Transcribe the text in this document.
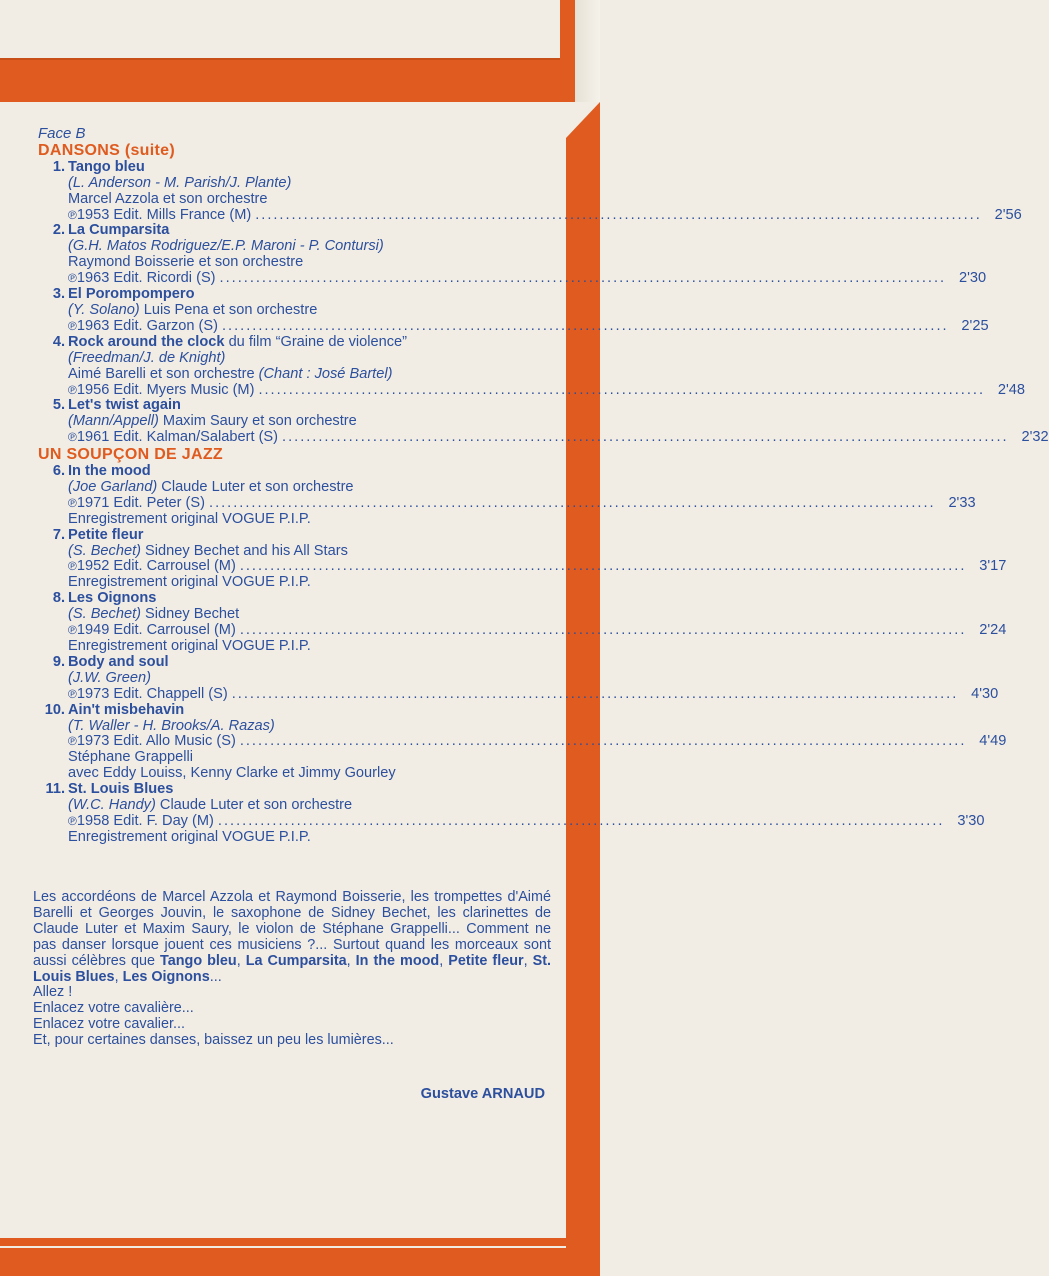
Face B
DANSONS (suite)
1. Tango bleu
(L. Anderson - M. Parish/J. Plante)
Marcel Azzola et son orchestre
℗1953 Edit. Mills France (M) ........................................................................................................................ 2'56
2. La Cumparsita
(G.H. Matos Rodriguez/E.P. Maroni - P. Contursi)
Raymond Boisserie et son orchestre
℗1963 Edit. Ricordi (S) ........................................................................................................................ 2'30
3. El Porompompero
(Y. Solano) Luis Pena et son orchestre
℗1963 Edit. Garzon (S) ........................................................................................................................ 2'25
4. Rock around the clock du film “Graine de violence”
(Freedman/J. de Knight)
Aimé Barelli et son orchestre (Chant : José Bartel)
℗1956 Edit. Myers Music (M) ........................................................................................................................ 2'48
5. Let's twist again
(Mann/Appell) Maxim Saury et son orchestre
℗1961 Edit. Kalman/Salabert (S) ........................................................................................................................ 2'32
UN SOUPÇON DE JAZZ
6. In the mood
(Joe Garland) Claude Luter et son orchestre
℗1971 Edit. Peter (S) ........................................................................................................................ 2'33
Enregistrement original VOGUE P.I.P.
7. Petite fleur
(S. Bechet) Sidney Bechet and his All Stars
℗1952 Edit. Carrousel (M) ........................................................................................................................ 3'17
Enregistrement original VOGUE P.I.P.
8. Les Oignons
(S. Bechet) Sidney Bechet
℗1949 Edit. Carrousel (M) ........................................................................................................................ 2'24
Enregistrement original VOGUE P.I.P.
9. Body and soul
(J.W. Green)
℗1973 Edit. Chappell (S) ........................................................................................................................ 4'30
10. Ain't misbehavin
(T. Waller - H. Brooks/A. Razas)
℗1973 Edit. Allo Music (S) ........................................................................................................................ 4'49
Stéphane Grappelli
avec Eddy Louiss, Kenny Clarke et Jimmy Gourley
11. St. Louis Blues
(W.C. Handy) Claude Luter et son orchestre
℗1958 Edit. F. Day (M) ........................................................................................................................ 3'30
Enregistrement original VOGUE P.I.P.
Les accordéons de Marcel Azzola et Raymond Boisserie, les trompettes d'Aimé Barelli et Georges Jouvin, le saxophone de Sidney Bechet, les clarinettes de Claude Luter et Maxim Saury, le violon de Stéphane Grappelli... Comment ne pas danser lorsque jouent ces musiciens ?... Surtout quand les morceaux sont aussi célèbres que Tango bleu, La Cumparsita, In the mood, Petite fleur, St. Louis Blues, Les Oignons...
Allez !
Enlacez votre cavalière...
Enlacez votre cavalier...
Et, pour certaines danses, baissez un peu les lumières...
Gustave ARNAUD
